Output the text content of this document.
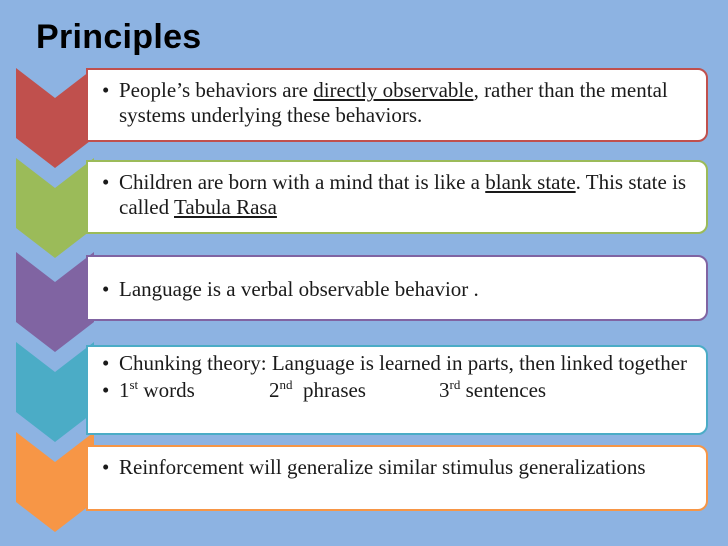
Principles
• People’s behaviors are directly observable, rather than the mental systems underlying these behaviors.
• Children are born with a mind that is like a blank state. This state is called Tabula Rasa
• Language is a verbal observable behavior .
• Chunking theory: Language is learned in parts, then linked together
• 1st words	2nd phrases	3rd sentences
• Reinforcement will generalize similar stimulus generalizations
